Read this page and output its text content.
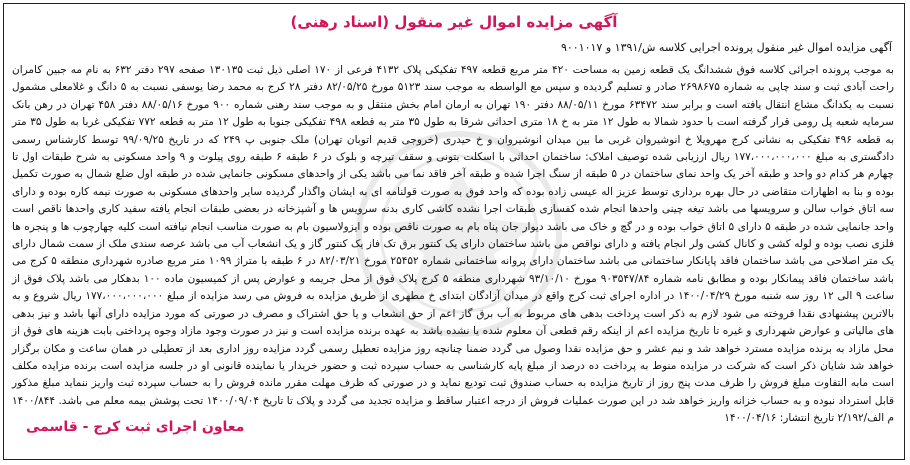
آگهی مزایده اموال غیر منقول (اسناد رهنی)
آگهی مزایده اموال غیر منقول پرونده اجرایی کلاسه ش/۱۳۹۱ و ۹۰۰۱۰۱۷
به موجب پرونده اجرائی کلاسه فوق ششدانگ یک قطعه زمین به مساحت ۴۲۰ متر مربع قطعه ۴۹۷ تفکیکی پلاک ۴۱۳۲ فرعی از ۱۷۰ اصلی ذیل ثبت ۱۳۰۱۳۵ صفحه ۲۹۷ دفتر ۶۳۲ به نام مه جبین کامران راحت آبادی ثبت و سند چاپی به شماره ۲۶۹۸۶۷۵ صادر و تسلیم گردیده و سپس مع الواسطه به موجب سند ۵۱۲۳ مورخ ۸۲/۰۵/۲۵ دفتر ۲۸ کرج به محمد رضا یوسفی نسبت به ۵ دانگ و غلامعلی مشمول نسبت به یکدانگ مشاع انتقال یافته است و برابر سند ۶۳۴۷۲ مورخ ۸۸/۰۵/۱۱ دفتر ۱۹۰ تهران به ارمان امام بخش منتقل و به موجب سند رهنی شماره ۹۰۰ مورخ ۸۸/۰۵/۱۶ دفتر ۴۵۸ تهران در رهن بانک سرمایه شعبه پل رومی قرار گرفته است با حدود شمالا به طول ۱۲ متر به خ ۱۸ متری احداثی شرقا به طول ۳۵ متر به قطعه ۴۹۸ تفکیکی جنوبا به طول ۱۲ متر به قطعه ۷۷۲ تفکیکی غربا به طول ۳۵ متر به قطعه ۴۹۶ تفکیکی به نشانی کرج مهرویلا خ انوشیروان غربی ما بین میدان انوشیروان و خ حیدری (خروجی قدیم اتوبان تهران) ملک جنوبی پ ۲۴۹ که در تاریخ ۹۹/۰۹/۲۵ توسط کارشناس رسمی دادگستری به مبلغ ۱۷۷،۰۰۰،۰۰۰،۰۰۰ ریال ارزیابی شده توصیف املاک: ساختمان احداثی با اسکلت بتونی و سقف تیرچه و بلوک در ۶ طبقه ۶ طبقه روی پیلوت و ۹ واحد مسکونی به شرح طبقات اول تا چهارم هر کدام دو واحد و طبقه آخر یک واحد نمای ساختمان در ۵ طبقه از سنگ اجرا شده و طبقه آخر فاقد نما می باشد یکی از واحدهای مسکونی جانمایی شده در طبقه اول ضلع شمال به صورت تکمیل بوده و بنا به اظهارات متقاضی در حال بهره برداری توسط عزیز اله عیسی زاده بوده که واحد فوق به صورت قولنامه ای به ایشان واگذار گردیده سایر واحدهای مسکونی به صورت نیمه کاره بوده و دارای سه اتاق خواب سالن و سرویسها می باشد تیغه چینی واحدها انجام شده کفسازی طبقات اجرا نشده کاشی کاری بدنه سرویس ها و آشپزخانه در بعضی طبقات انجام یافته سفید کاری واحدها ناقص است واحد جانمایی شده در طبقه ۵ دارای ۵ اتاق خواب بوده و در گچ و خاک می باشد دیوار جان پناه بام به صورت ناقص بوده و ایزولاسیون بام به صورت مناسب انجام نیافته است کلیه چهارچوب ها و پنجره ها فلزی نصب بوده و لوله کشی و کانال کشی ولر انجام یافته و دارای نواقص می باشد ساختمان دارای یک کنتور برق تک فاز یک کنتور گاز و یک انشعاب آب می باشد عرصه سندی ملک از سمت شمال دارای یک متر اصلاحی می باشد ساختمان فاقد پایانکار ساختمانی می باشد ساختمان دارای پروانه ساختمانی شماره ۲۵۴۵۲ مورخ ۸۲/۰۳/۲۱ در ۶ طبقه با متراژ ۱۰۹۹ متر مربع صادره شهرداری منطقه ۵ کرج می باشد ساختمان فاقد پیمانکار بوده و مطابق نامه شماره ۹۰۳۵۴۷/۸۴ مورخ ۹۳/۱۰/۱۰ شهرداری منطقه ۵ کرج پلاک فوق از محل جریمه و عوارض پس از کمیسیون ماده ۱۰۰ بدهکار می باشد پلاک فوق از ساعت ۹ الی ۱۲ روز سه شنبه مورخ ۱۴۰۰/۰۴/۲۹ در اداره اجرای ثبت کرج واقع در میدان آزادگان ابتدای خ مطهری از طریق مزایده به فروش می رسد مزایده از مبلغ ۱۷۷،۰۰۰،۰۰۰،۰۰۰ ریال شروع و به بالاترین پیشنهادی نقدا فروخته می شود لازم به ذکر است پرداخت بدهی های مربوط به آب برق گاز اعم از حق انشعاب و یا حق اشتراک و مصرف در صورتی که مورد مزایده دارای آنها باشد و نیز بدهی های مالیاتی و عوارض شهرداری و غیره تا تاریخ مزایده اعم از اینکه رقم قطعی آن معلوم شده یا نشده باشد به عهده برنده مزایده است و نیز در صورت وجود مازاد وجوه پرداختی بابت هزینه های فوق از محل مازاد به برنده مزایده مسترد خواهد شد و نیم عشر و حق مزایده نقدا وصول می گردد ضمنا چنانچه روز مزایده تعطیل رسمی گردد مزایده روز اداری بعد از تعطیلی در همان ساعت و مکان برگزار خواهد شد شایان ذکر است که شرکت در مزایده منوط به پرداخت ده درصد از مبلغ پایه کارشناسی به حساب سپرده ثبت و حضور خریدار یا نماینده قانونی او در جلسه مزایده است برنده مزایده مکلف است مابه التفاوت مبلغ فروش را ظرف مدت پنج روز از تاریخ مزایده به حساب صندوق ثبت تودیع نماید و در صورتی که ظرف مهلت مقرر مانده فروش را به حساب سپرده ثبت واریز ننماید مبلغ مذکور قابل استرداد نبوده و به حساب خزانه واریز خواهد شد در این صورت عملیات فروش از درجه اعتبار ساقط و مزایده تجدید می گردد و پلاک تا تاریخ ۱۴۰۰/۰۹/۰۴ تحت پوشش بیمه معلم می باشد. ۱۴۰۰/۸۴۴ م الف/۲/۱۹۲ تاریخ انتشار: ۱۴۰۰/۰۴/۱۶
معاون اجرای ثبت کرج - قاسمی
